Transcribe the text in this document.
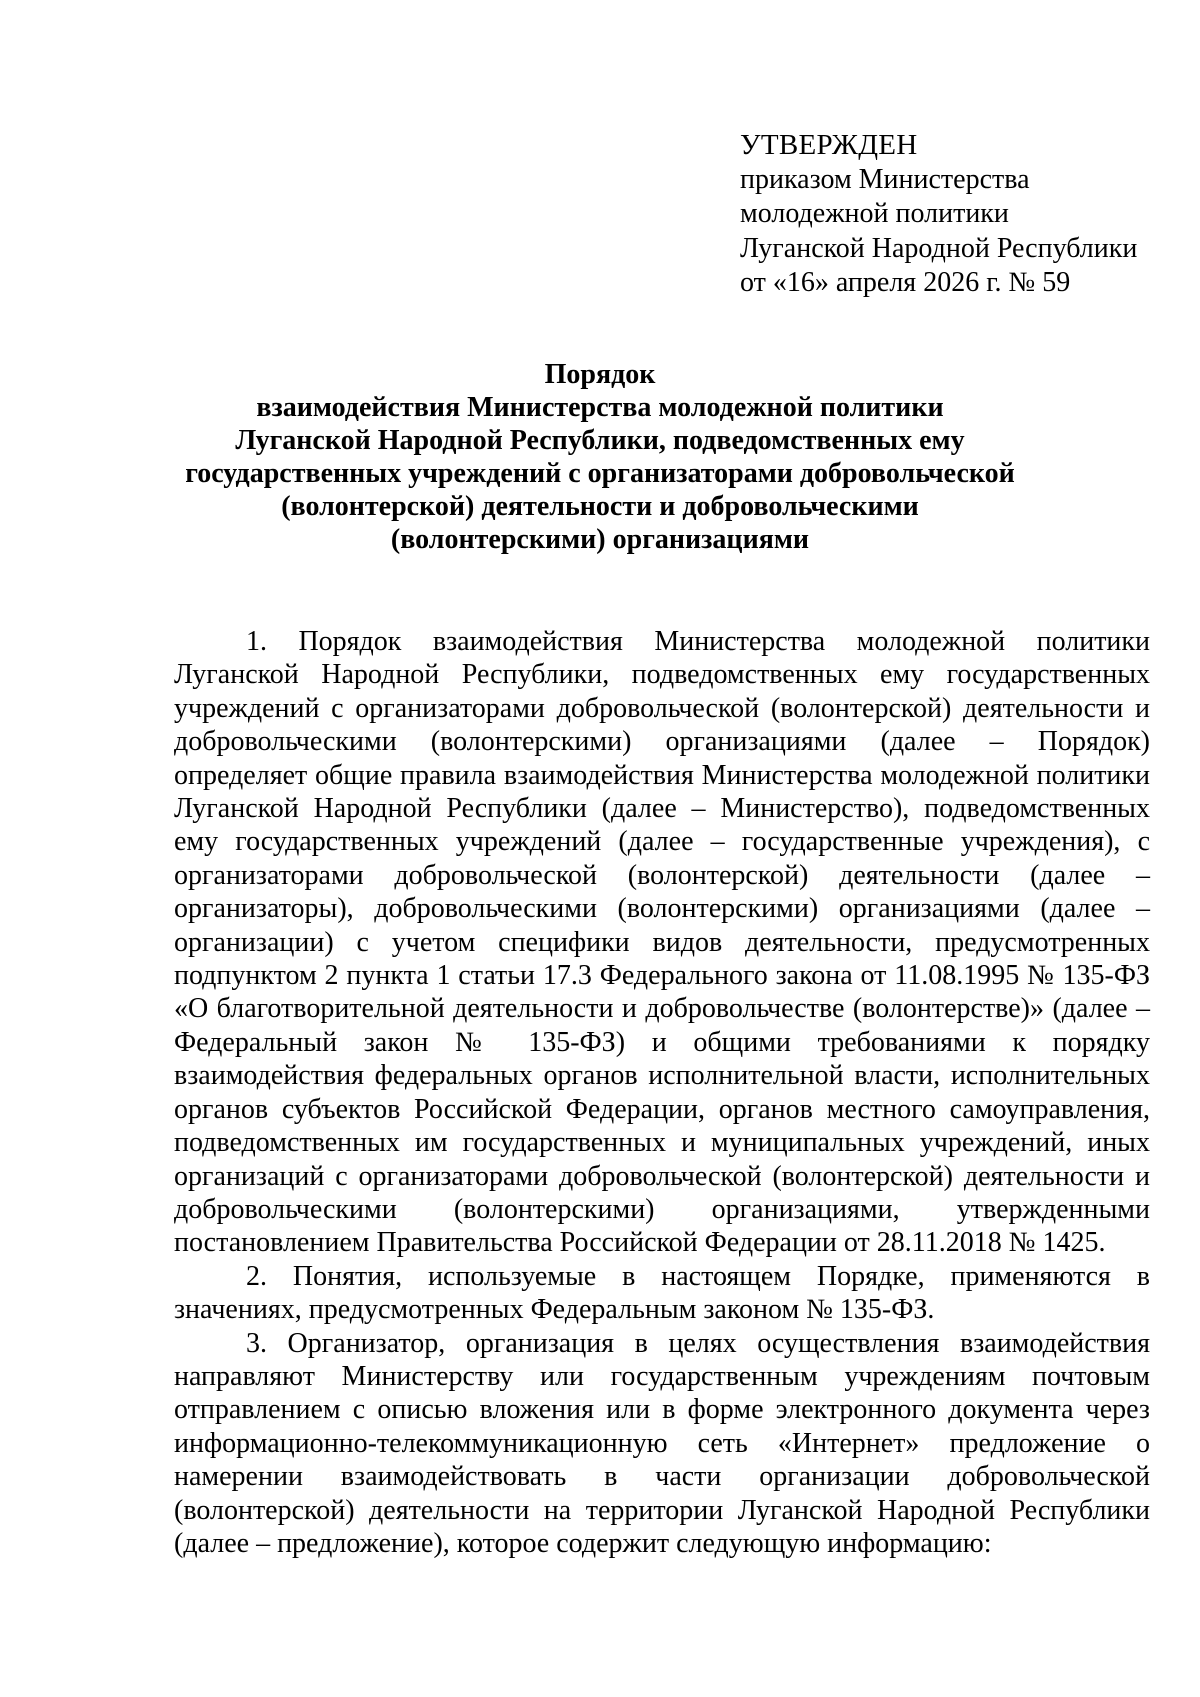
УТВЕРЖДЕН
приказом Министерства
молодежной политики
Луганской Народной Республики
от «16» апреля 2026 г. № 59
Порядок
взаимодействия Министерства молодежной политики
Луганской Народной Республики, подведомственных ему
государственных учреждений с организаторами добровольческой
(волонтерской) деятельности и добровольческими
(волонтерскими) организациями

1. Порядок взаимодействия Министерства молодежной политики Луганской Народной Республики, подведомственных ему государственных учреждений с организаторами добровольческой (волонтерской) деятельности и добровольческими (волонтерскими) организациями (далее – Порядок) определяет общие правила взаимодействия Министерства молодежной политики Луганской Народной Республики (далее – Министерство), подведомственных ему государственных учреждений (далее – государственные учреждения), с организаторами добровольческой (волонтерской) деятельности (далее – организаторы), добровольческими (волонтерскими) организациями (далее – организации) с учетом специфики видов деятельности, предусмотренных подпунктом 2 пункта 1 статьи 17.3 Федерального закона от 11.08.1995 № 135-ФЗ «О благотворительной деятельности и добровольчестве (волонтерстве)» (далее – Федеральный закон № 135-ФЗ) и общими требованиями к порядку взаимодействия федеральных органов исполнительной власти, исполнительных органов субъектов Российской Федерации, органов местного самоуправления, подведомственных им государственных и муниципальных учреждений, иных организаций с организаторами добровольческой (волонтерской) деятельности и добровольческими (волонтерскими) организациями, утвержденными постановлением Правительства Российской Федерации от 28.11.2018 № 1425.

2. Понятия, используемые в настоящем Порядке, применяются в значениях, предусмотренных Федеральным законом № 135-ФЗ.

3. Организатор, организация в целях осуществления взаимодействия направляют Министерству или государственным учреждениям почтовым отправлением с описью вложения или в форме электронного документа через информационно-телекоммуникационную сеть «Интернет» предложение о намерении взаимодействовать в части организации добровольческой (волонтерской) деятельности на территории Луганской Народной Республики (далее – предложение), которое содержит следующую информацию:
